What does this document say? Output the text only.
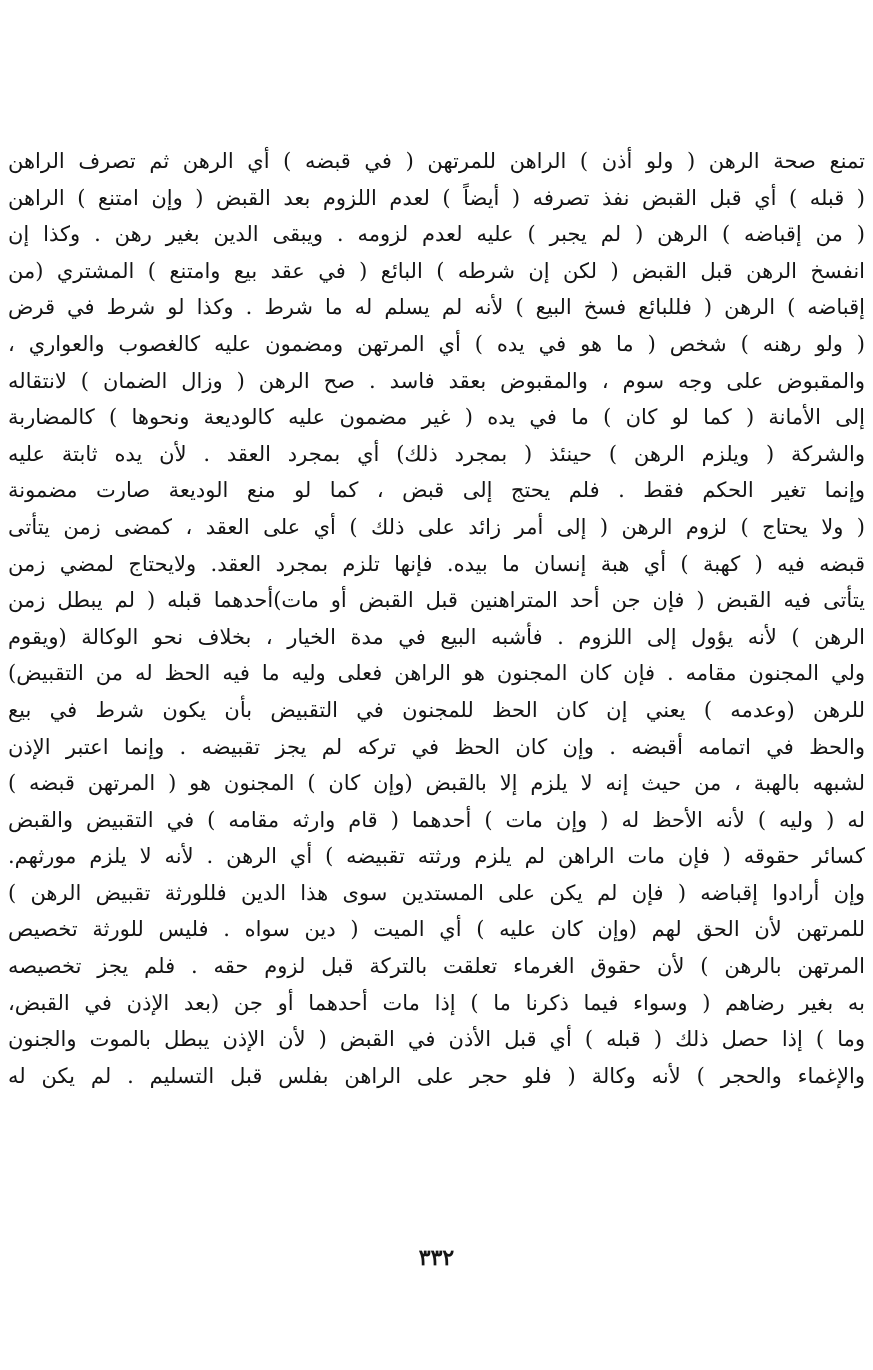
تمنع صحة الرهن ( ولو أذن ) الراهن للمرتهن ( في قبضه ) أي الرهن ثم تصرف الراهن
( قبله ) أي قبل القبض نفذ تصرفه ( أيضاً ) لعدم اللزوم بعد القبض ( وإن امتنع ) الراهن
( من إقباضه ) الرهن ( لم يجبر ) عليه لعدم لزومه . ويبقى الدين بغير رهن . وكذا إن
انفسخ الرهن قبل القبض ( لكن إن شرطه ) البائع ( في عقد بيع وامتنع ) المشتري (من
إقباضه ) الرهن ( فللبائع فسخ البيع ) لأنه لم يسلم له ما شرط . وكذا لو شرط في قرض
( ولو رهنه ) شخص ( ما هو في يده ) أي المرتهن ومضمون عليه كالغصوب والعواري ،
والمقبوض على وجه سوم ، والمقبوض بعقد فاسد . صح الرهن ( وزال الضمان ) لانتقاله
إلى الأمانة ( كما لو كان ) ما في يده ( غير مضمون عليه كالوديعة ونحوها ) كالمضاربة
والشركة ( ويلزم الرهن ) حينئذ ( بمجرد ذلك) أي بمجرد العقد . لأن يده ثابتة عليه
وإنما تغير الحكم فقط . فلم يحتج إلى قبض ، كما لو منع الوديعة صارت مضمونة
( ولا يحتاج ) لزوم الرهن ( إلى أمر زائد على ذلك ) أي على العقد ، كمضى زمن يتأتى
قبضه فيه ( كهبة ) أي هبة إنسان ما بيده. فإنها تلزم بمجرد العقد. ولايحتاج لمضي زمن
يتأتى فيه القبض ( فإن جن أحد المتراهنين قبل القبض أو مات)أحدهما قبله ( لم يبطل زمن
الرهن ) لأنه يؤول إلى اللزوم . فأشبه البيع في مدة الخيار ، بخلاف نحو الوكالة (ويقوم
ولي المجنون مقامه . فإن كان المجنون هو الراهن فعلى وليه ما فيه الحظ له من التقبيض)
للرهن (وعدمه ) يعني إن كان الحظ للمجنون في التقبيض بأن يكون شرط في بيع
والحظ في اتمامه أقبضه . وإن كان الحظ في تركه لم يجز تقبيضه . وإنما اعتبر الإذن
لشبهه بالهبة ، من حيث إنه لا يلزم إلا بالقبض (وإن كان ) المجنون هو ( المرتهن قبضه )
له ( وليه ) لأنه الأحظ له ( وإن مات ) أحدهما ( قام وارثه مقامه ) في التقبيض والقبض
كسائر حقوقه ( فإن مات الراهن لم يلزم ورثته تقبيضه ) أي الرهن . لأنه لا يلزم مورثهم.
وإن أرادوا إقباضه ( فإن لم يكن على المستدين سوى هذا الدين فللورثة تقبيض الرهن )
للمرتهن لأن الحق لهم (وإن كان عليه ) أي الميت ( دين سواه . فليس للورثة تخصيص
المرتهن بالرهن ) لأن حقوق الغرماء تعلقت بالتركة قبل لزوم حقه . فلم يجز تخصيصه
به بغير رضاهم ( وسواء فيما ذكرنا ما ) إذا مات أحدهما أو جن (بعد الإذن في القبض،
وما ) إذا حصل ذلك ( قبله ) أي قبل الأذن في القبض ( لأن الإذن يبطل بالموت والجنون
والإغماء والحجر ) لأنه وكالة ( فلو حجر على الراهن بفلس قبل التسليم . لم يكن له
٣٣٢
